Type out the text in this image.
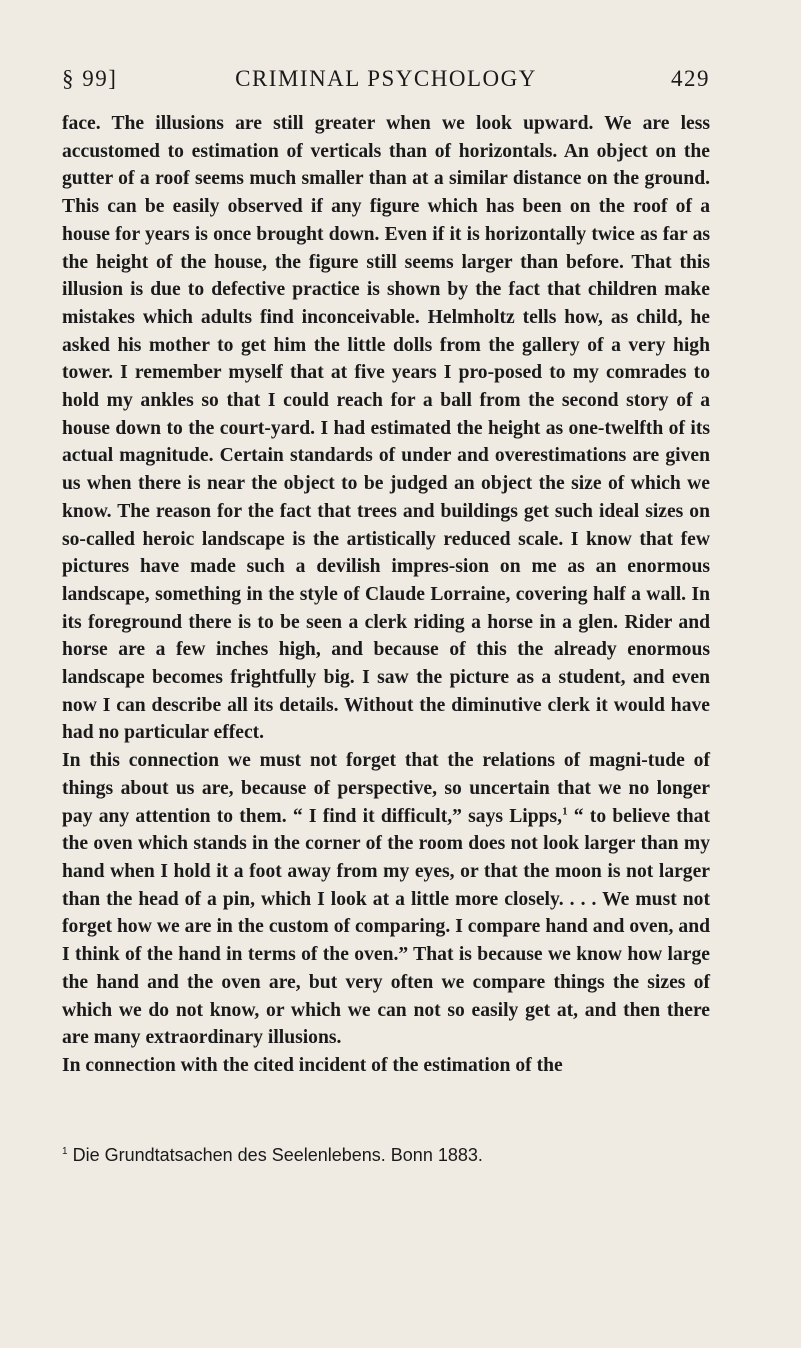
§ 99]	CRIMINAL PSYCHOLOGY	429

face. The illusions are still greater when we look upward. We are less accustomed to estimation of verticals than of horizontals. An object on the gutter of a roof seems much smaller than at a similar distance on the ground. This can be easily observed if any figure which has been on the roof of a house for years is once brought down. Even if it is horizontally twice as far as the height of the house, the figure still seems larger than before. That this illusion is due to defective practice is shown by the fact that children make mistakes which adults find inconceivable. Helmholtz tells how, as child, he asked his mother to get him the little dolls from the gallery of a very high tower. I remember myself that at five years I pro-posed to my comrades to hold my ankles so that I could reach for a ball from the second story of a house down to the court-yard. I had estimated the height as one-twelfth of its actual magnitude. Certain standards of under and overestimations are given us when there is near the object to be judged an object the size of which we know. The reason for the fact that trees and buildings get such ideal sizes on so-called heroic landscape is the artistically reduced scale. I know that few pictures have made such a devilish impres-sion on me as an enormous landscape, something in the style of Claude Lorraine, covering half a wall. In its foreground there is to be seen a clerk riding a horse in a glen. Rider and horse are a few inches high, and because of this the already enormous landscape becomes frightfully big. I saw the picture as a student, and even now I can describe all its details. Without the diminutive clerk it would have had no particular effect.

In this connection we must not forget that the relations of magni-tude of things about us are, because of perspective, so uncertain that we no longer pay any attention to them. “ I find it difficult,” says Lipps,$^1$ “ to believe that the oven which stands in the corner of the room does not look larger than my hand when I hold it a foot away from my eyes, or that the moon is not larger than the head of a pin, which I look at a little more closely. . . . We must not forget how we are in the custom of comparing. I compare hand and oven, and I think of the hand in terms of the oven.” That is because we know how large the hand and the oven are, but very often we compare things the sizes of which we do not know, or which we can not so easily get at, and then there are many extraordinary illusions.

In connection with the cited incident of the estimation of the

$^1$ Die Grundtatsachen des Seelenlebens. Bonn 1883.
